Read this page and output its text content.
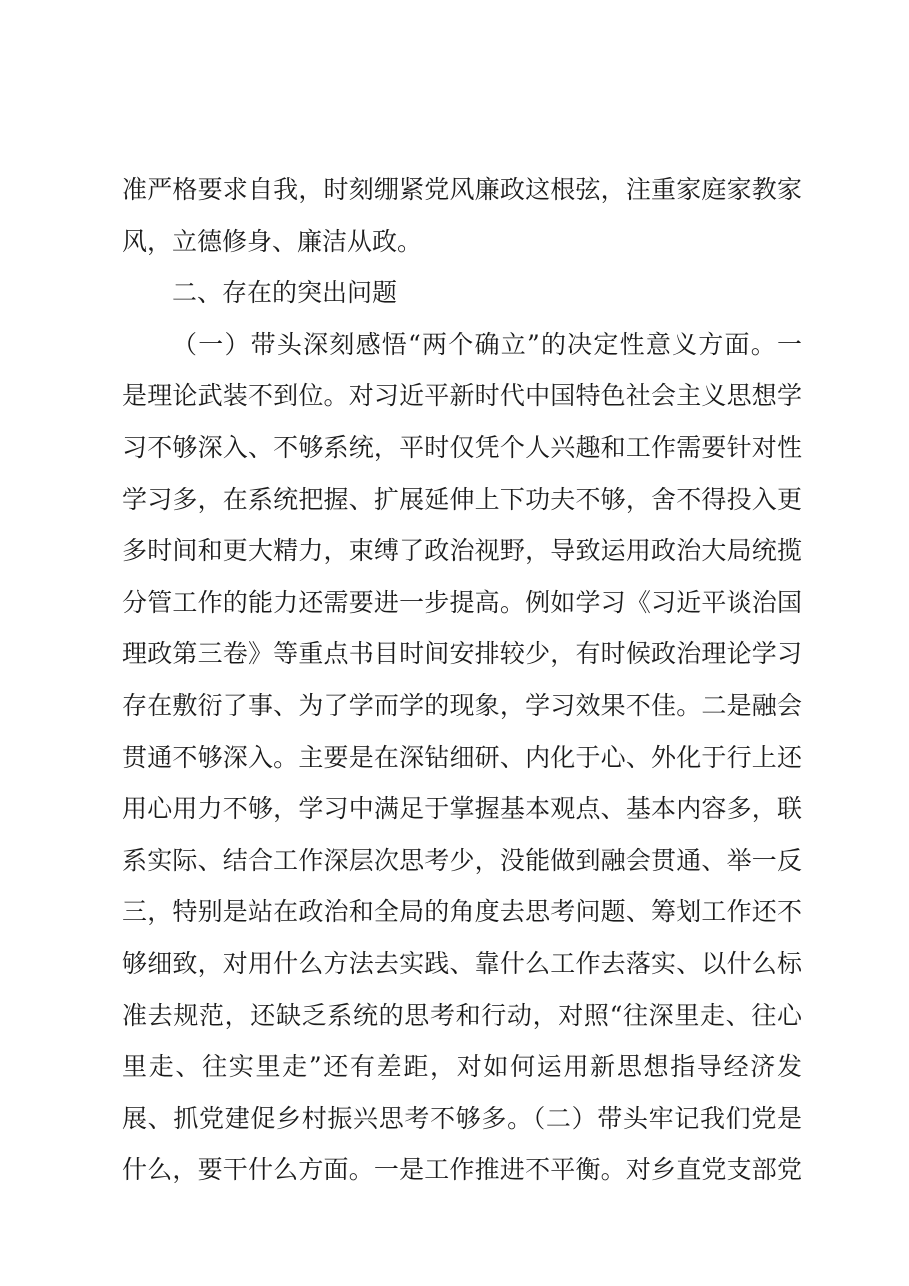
准严格要求自我，时刻绷紧党风廉政这根弦，注重家庭家教家
风，立德修身、廉洁从政。
二、存在的突出问题
（一）带头深刻感悟“两个确立”的决定性意义方面。一
是理论武装不到位。对习近平新时代中国特色社会主义思想学
习不够深入、不够系统，平时仅凭个人兴趣和工作需要针对性
学习多，在系统把握、扩展延伸上下功夫不够，舍不得投入更
多时间和更大精力，束缚了政治视野，导致运用政治大局统揽
分管工作的能力还需要进一步提高。例如学习《习近平谈治国
理政第三卷》等重点书目时间安排较少，有时候政治理论学习
存在敷衍了事、为了学而学的现象，学习效果不佳。二是融会
贯通不够深入。主要是在深钻细研、内化于心、外化于行上还
用心用力不够，学习中满足于掌握基本观点、基本内容多，联
系实际、结合工作深层次思考少，没能做到融会贯通、举一反
三，特别是站在政治和全局的角度去思考问题、筹划工作还不
够细致，对用什么方法去实践、靠什么工作去落实、以什么标
准去规范，还缺乏系统的思考和行动，对照“往深里走、往心
里走、往实里走”还有差距，对如何运用新思想指导经济发
展、抓党建促乡村振兴思考不够多。（二）带头牢记我们党是
什么，要干什么方面。一是工作推进不平衡。对乡直党支部党
